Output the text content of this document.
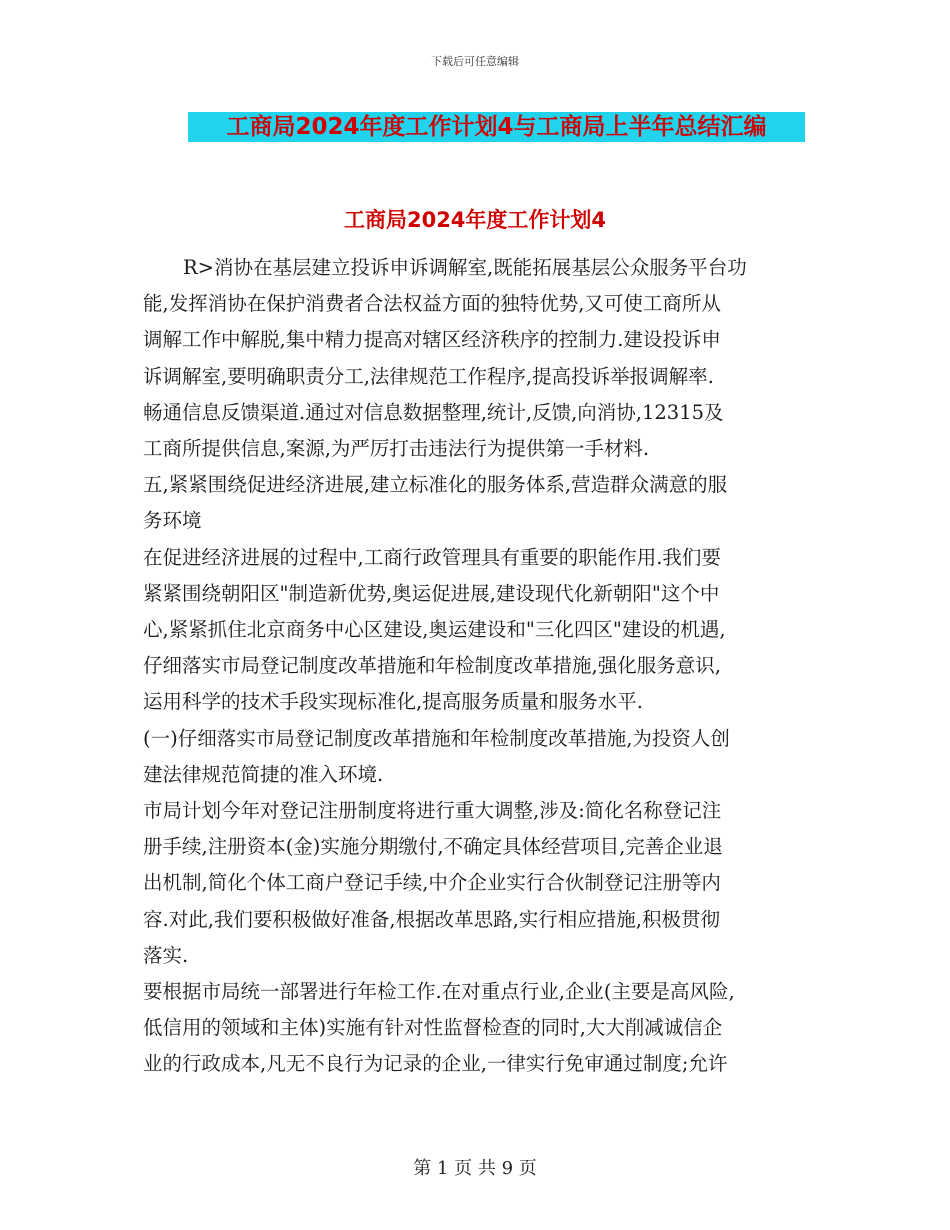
下载后可任意编辑
工商局2024年度工作计划4与工商局上半年总结汇编
工商局2024年度工作计划4

R>消协在基层建立投诉申诉调解室,既能拓展基层公众服务平台功

能,发挥消协在保护消费者合法权益方面的独特优势,又可使工商所从

调解工作中解脱,集中精力提高对辖区经济秩序的控制力.建设投诉申

诉调解室,要明确职责分工,法律规范工作程序,提高投诉举报调解率.

畅通信息反馈渠道.通过对信息数据整理,统计,反馈,向消协,12315及

工商所提供信息,案源,为严厉打击违法行为提供第一手材料.

五,紧紧围绕促进经济进展,建立标准化的服务体系,营造群众满意的服

务环境

在促进经济进展的过程中,工商行政管理具有重要的职能作用.我们要

紧紧围绕朝阳区"制造新优势,奥运促进展,建设现代化新朝阳"这个中

心,紧紧抓住北京商务中心区建设,奥运建设和"三化四区"建设的机遇,

仔细落实市局登记制度改革措施和年检制度改革措施,强化服务意识,

运用科学的技术手段实现标准化,提高服务质量和服务水平.

(一)仔细落实市局登记制度改革措施和年检制度改革措施,为投资人创

建法律规范简捷的准入环境.

市局计划今年对登记注册制度将进行重大调整,涉及:简化名称登记注

册手续,注册资本(金)实施分期缴付,不确定具体经营项目,完善企业退

出机制,简化个体工商户登记手续,中介企业实行合伙制登记注册等内

容.对此,我们要积极做好准备,根据改革思路,实行相应措施,积极贯彻

落实.

要根据市局统一部署进行年检工作.在对重点行业,企业(主要是高风险,

低信用的领域和主体)实施有针对性监督检查的同时,大大削减诚信企

业的行政成本,凡无不良行为记录的企业,一律实行免审通过制度;允许

第 1 页 共 9 页
